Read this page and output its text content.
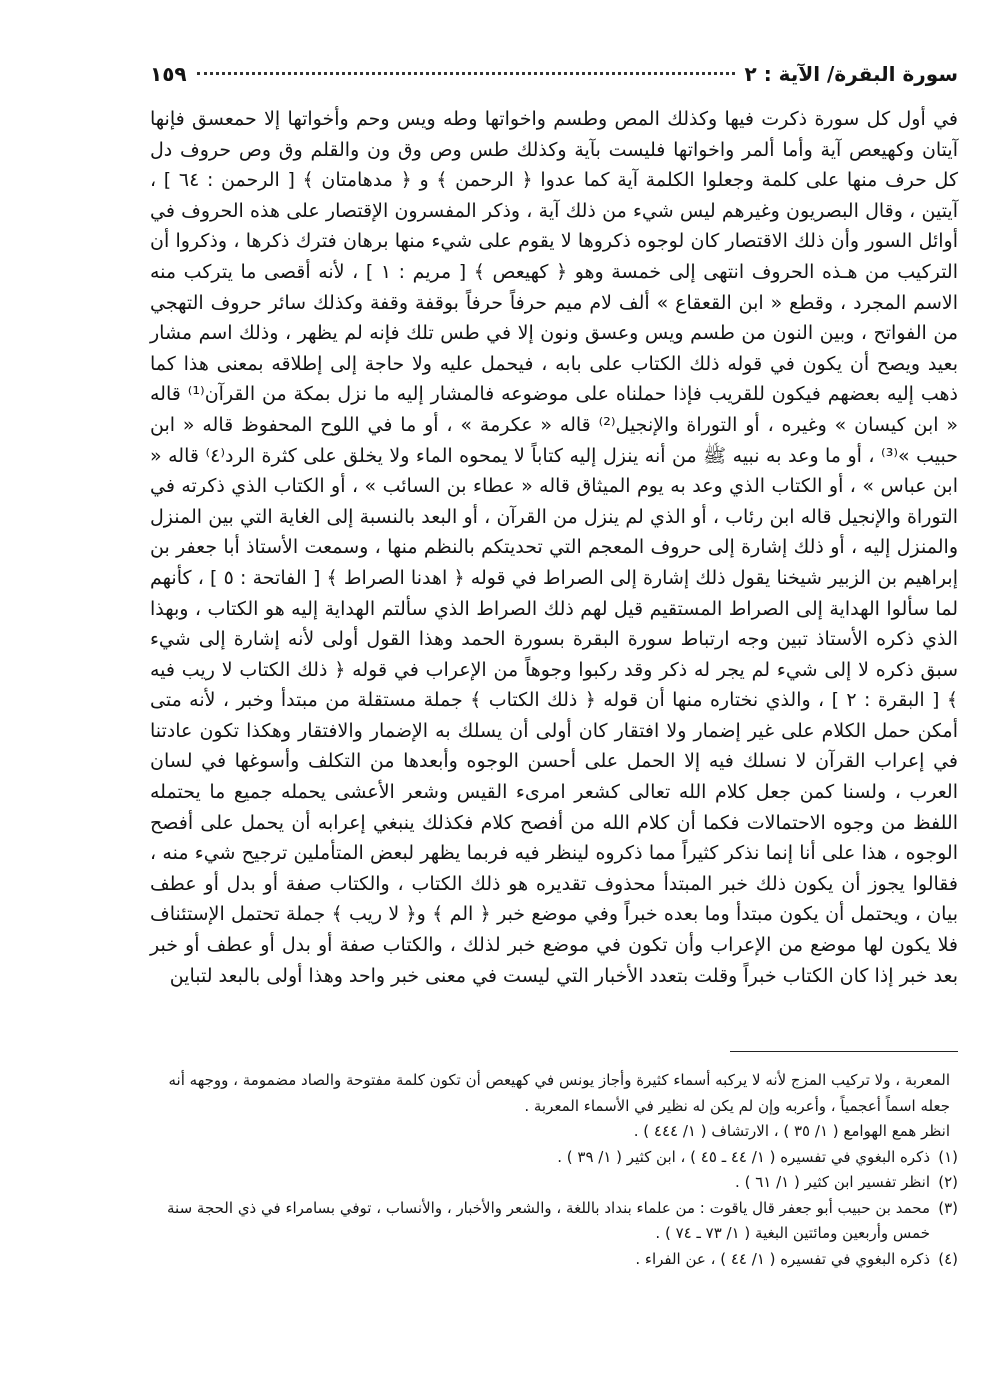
سورة البقرة/ الآية : ٢
١٥٩

في أول كل سورة ذكرت فيها وكذلك المص وطسم واخواتها وطه ويس وحم وأخواتها إلا حمعسق فإنها آيتان وكهيعص آية وأما ألمر واخواتها فليست بآية وكذلك طس وص وق ون والقلم وق وص حروف دل كل حرف منها على كلمة وجعلوا الكلمة آية كما عدوا ﴿ الرحمن ﴾ و ﴿ مدهامتان ﴾ [ الرحمن : ٦٤ ] ، آيتين ، وقال البصريون وغيرهم ليس شيء من ذلك آية ، وذكر المفسرون الإقتصار على هذه الحروف في أوائل السور وأن ذلك الاقتصار كان لوجوه ذكروها لا يقوم على شيء منها برهان فترك ذكرها ، وذكروا أن التركيب من هـذه الحروف انتهى إلى خمسة وهو ﴿ كهيعص ﴾ [ مريم : ١ ] ، لأنه أقصى ما يتركب منه الاسم المجرد ، وقطع « ابن القعقاع » ألف لام ميم حرفاً حرفاً بوقفة وقفة وكذلك سائر حروف التهجي من الفواتح ، وبين النون من طسم ويس وعسق ونون إلا في طس تلك فإنه لم يظهر ، وذلك اسم مشار بعيد ويصح أن يكون في قوله ذلك الكتاب على بابه ، فيحمل عليه ولا حاجة إلى إطلاقه بمعنى هذا كما ذهب إليه بعضهم فيكون للقريب فإذا حملناه على موضوعه فالمشار إليه ما نزل بمكة من القرآن⁽¹⁾ قاله « ابن كيسان » وغيره ، أو التوراة والإنجيل⁽²⁾ قاله « عكرمة » ، أو ما في اللوح المحفوظ قاله « ابن حبيب »⁽³⁾ ، أو ما وعد به نبيه ﷺ من أنه ينزل إليه كتاباً لا يمحوه الماء ولا يخلق على كثرة الرد⁽٤⁾ قاله « ابن عباس » ، أو الكتاب الذي وعد به يوم الميثاق قاله « عطاء بن السائب » ، أو الكتاب الذي ذكرته في التوراة والإنجيل قاله ابن رئاب ، أو الذي لم ينزل من القرآن ، أو البعد بالنسبة إلى الغاية التي بين المنزل والمنزل إليه ، أو ذلك إشارة إلى حروف المعجم التي تحديتكم بالنظم منها ، وسمعت الأستاذ أبا جعفر بن إبراهيم بن الزبير شيخنا يقول ذلك إشارة إلى الصراط في قوله ﴿ اهدنا الصراط ﴾ [ الفاتحة : ٥ ] ، كأنهم لما سألوا الهداية إلى الصراط المستقيم قيل لهم ذلك الصراط الذي سألتم الهداية إليه هو الكتاب ، وبهذا الذي ذكره الأستاذ تبين وجه ارتباط سورة البقرة بسورة الحمد وهذا القول أولى لأنه إشارة إلى شيء سبق ذكره لا إلى شيء لم يجر له ذكر وقد ركبوا وجوهاً من الإعراب في قوله ﴿ ذلك الكتاب لا ريب فيه ﴾ [ البقرة : ٢ ] ، والذي نختاره منها أن قوله ﴿ ذلك الكتاب ﴾ جملة مستقلة من مبتدأ وخبر ، لأنه متى أمكن حمل الكلام على غير إضمار ولا افتقار كان أولى أن يسلك به الإضمار والافتقار وهكذا تكون عادتنا في إعراب القرآن لا نسلك فيه إلا الحمل على أحسن الوجوه وأبعدها من التكلف وأسوغها في لسان العرب ، ولسنا كمن جعل كلام الله تعالى كشعر امرىء القيس وشعر الأعشى يحمله جميع ما يحتمله اللفظ من وجوه الاحتمالات فكما أن كلام الله من أفصح كلام فكذلك ينبغي إعرابه أن يحمل على أفصح الوجوه ، هذا على أنا إنما نذكر كثيراً مما ذكروه لينظر فيه فربما يظهر لبعض المتأملين ترجيح شيء منه ، فقالوا يجوز أن يكون ذلك خبر المبتدأ محذوف تقديره هو ذلك الكتاب ، والكتاب صفة أو بدل أو عطف بيان ، ويحتمل أن يكون مبتدأ وما بعده خبراً وفي موضع خبر ﴿ الم ﴾ و﴿ لا ريب ﴾ جملة تحتمل الإستئناف فلا يكون لها موضع من الإعراب وأن تكون في موضع خبر لذلك ، والكتاب صفة أو بدل أو عطف أو خبر بعد خبر إذا كان الكتاب خبراً وقلت بتعدد الأخبار التي ليست في معنى خبر واحد وهذا أولى بالبعد لتباين

المعربة ، ولا تركيب المزج لأنه لا يركبه أسماء كثيرة وأجاز يونس في كهيعص أن تكون كلمة مفتوحة والصاد مضمومة ، ووجهه أنه جعله اسماً أعجمياً ، وأعربه وإن لم يكن له نظير في الأسماء المعربة .

انظر همع الهوامع ( ١/ ٣٥ ) ، الارتشاف ( ١/ ٤٤٤ ) .

(١)
ذكره البغوي في تفسيره ( ١/ ٤٤ ـ ٤٥ ) ، ابن كثير ( ١/ ٣٩ ) .

(٢)
انظر تفسير ابن كثير ( ١/ ٦١ ) .

(٣)
محمد بن حبيب أبو جعفر قال ياقوت : من علماء بنداد باللغة ، والشعر والأخبار ، والأنساب ، توفي بسامراء في ذي الحجة سنة خمس وأربعين ومائتين البغية ( ١/ ٧٣ ـ ٧٤ ) .

(٤)
ذكره البغوي في تفسيره ( ١/ ٤٤ ) ، عن الفراء .
